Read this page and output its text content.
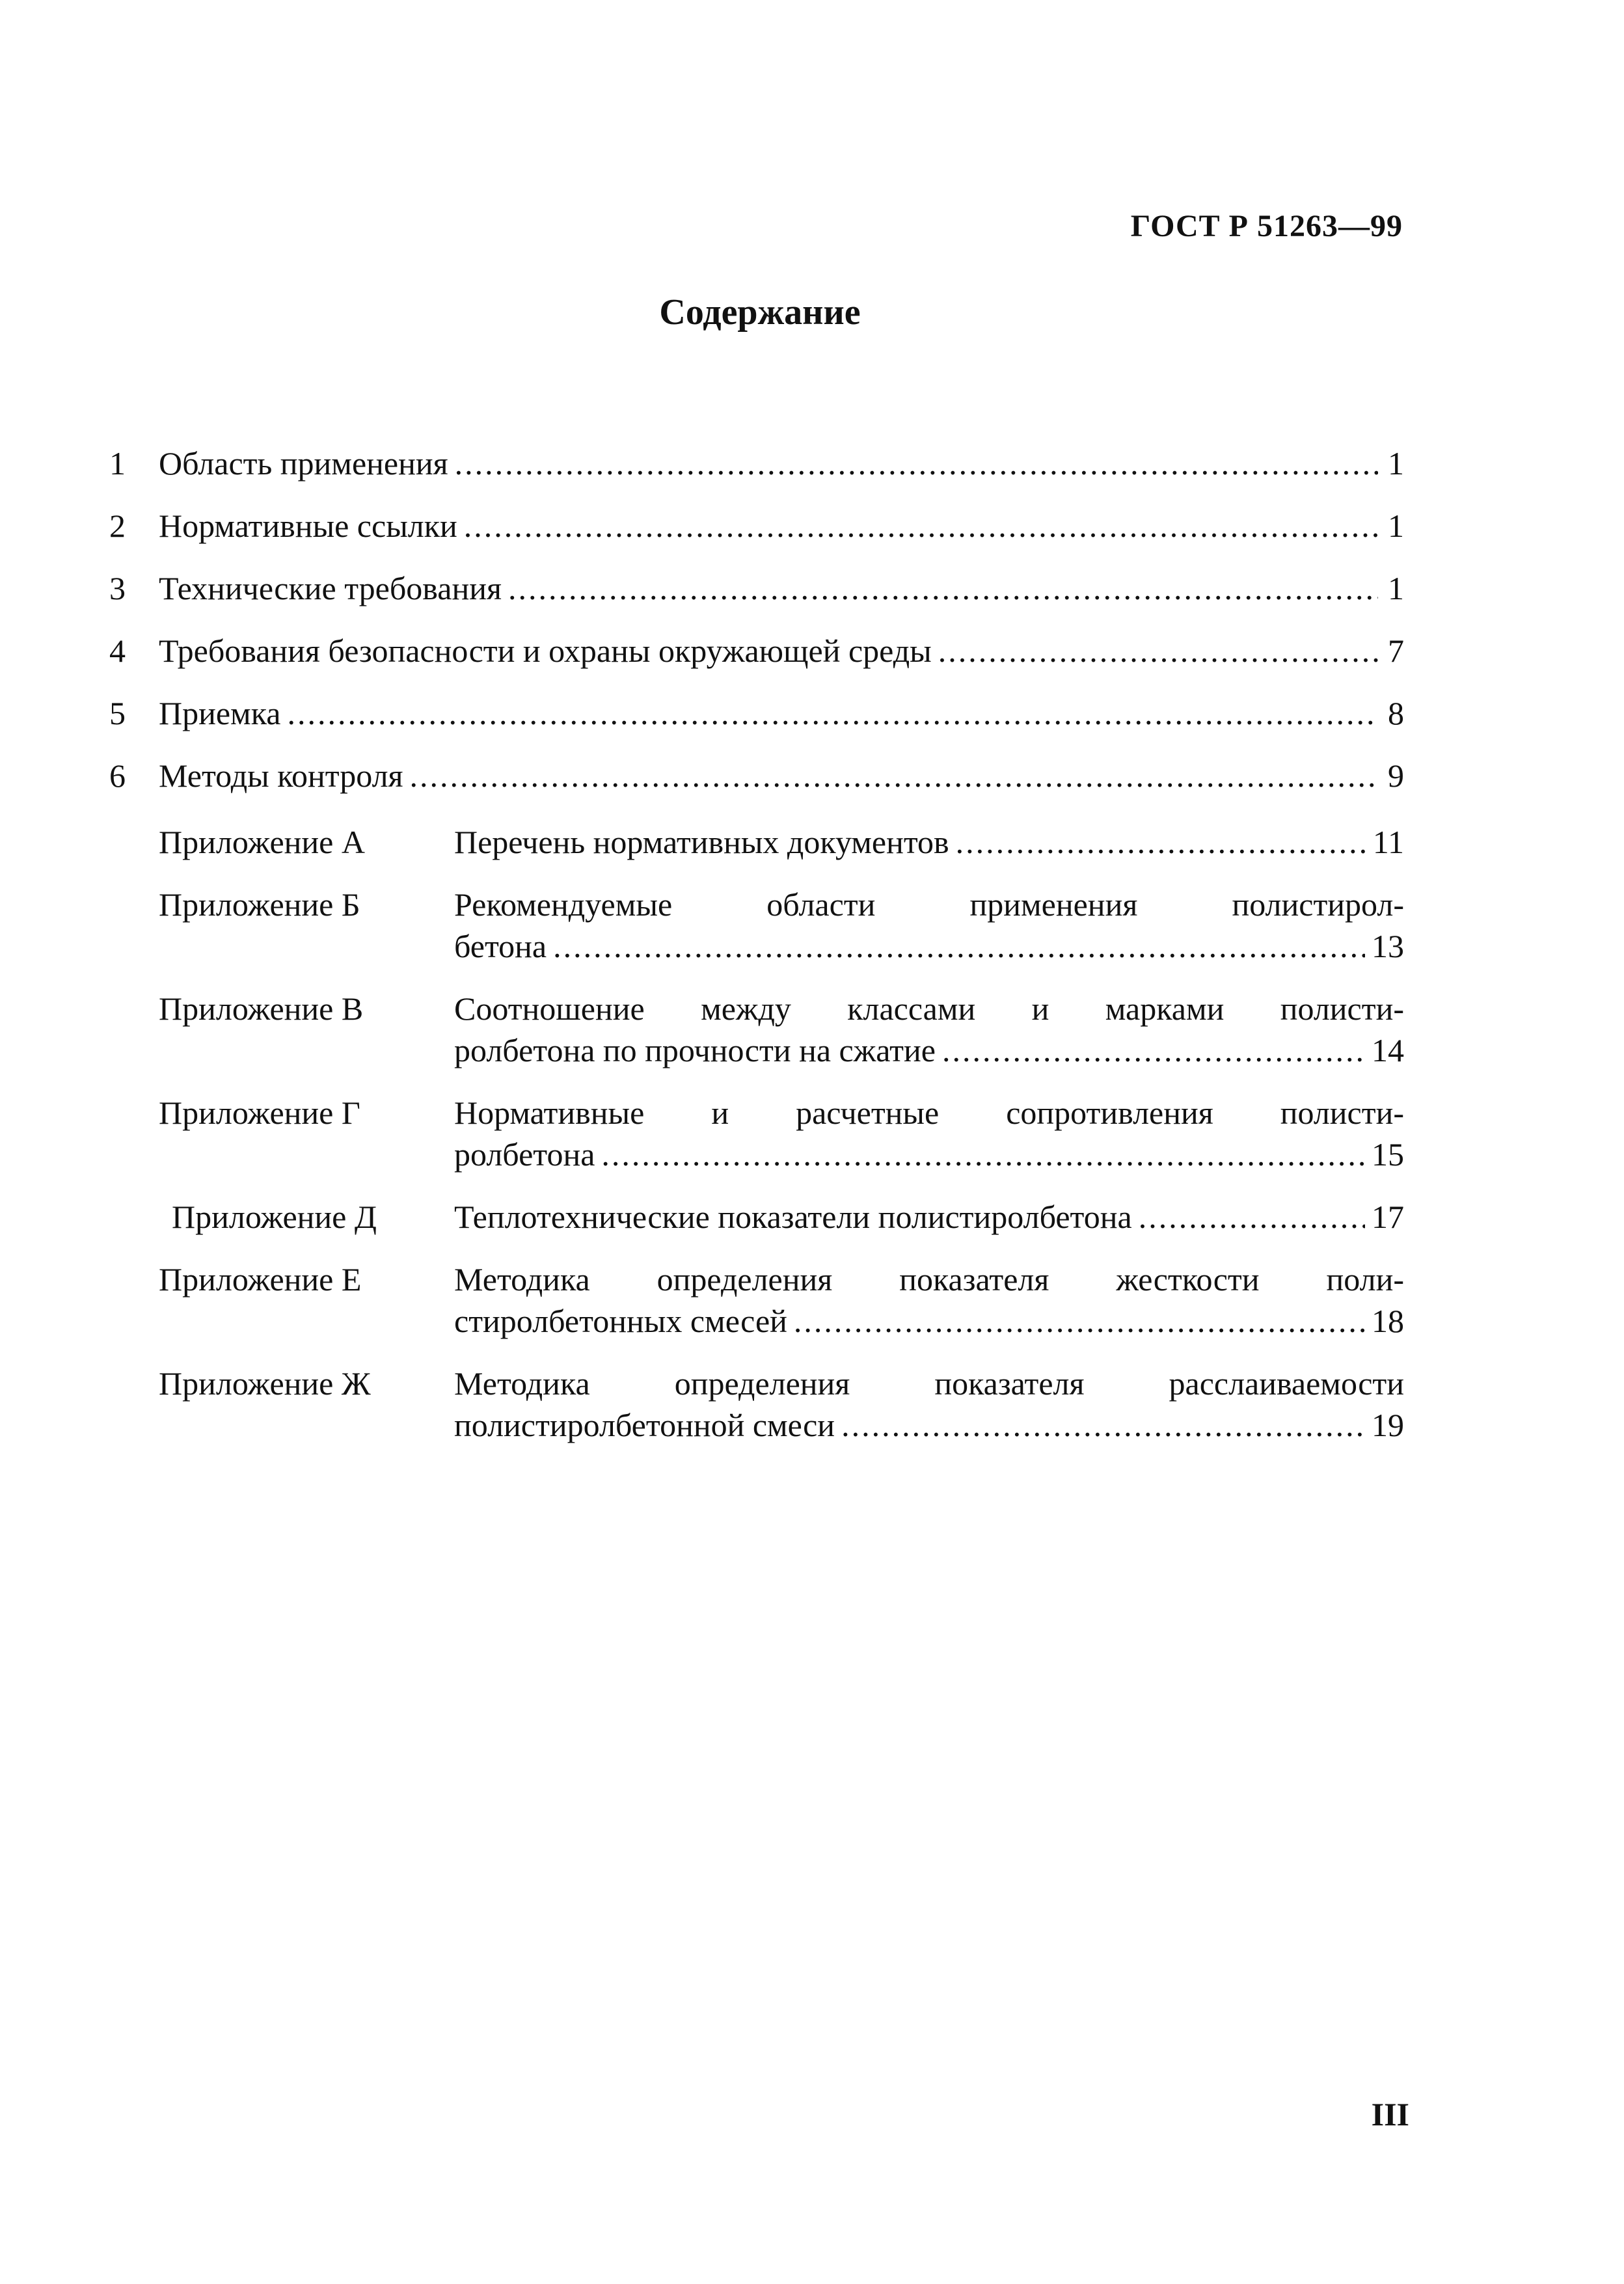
ГОСТ Р 51263—99
Содержание
1	Область применения .....	1
2	Нормативные ссылки .....	1
3	Технические требования .....	1
4	Требования безопасности и охраны окружающей среды .....	7
5	Приемка .....	8
6	Методы контроля .....	9
Приложение А	Перечень нормативных документов .....	11
Приложение Б	Рекомендуемые области применения полистирол-
бетона .....	13
Приложение В	Соотношение между классами и марками полисти-
ролбетона по прочности на сжатие .....	14
Приложение Г	Нормативные и расчетные сопротивления полисти-
ролбетона .....	15
Приложение Д	Теплотехнические показатели полистиролбетона .....	17
Приложение Е	Методика определения показателя жесткости поли-
стиролбетонных смесей .....	18
Приложение Ж	Методика определения показателя расслаиваемости
полистиролбетонной смеси .....	19
III
